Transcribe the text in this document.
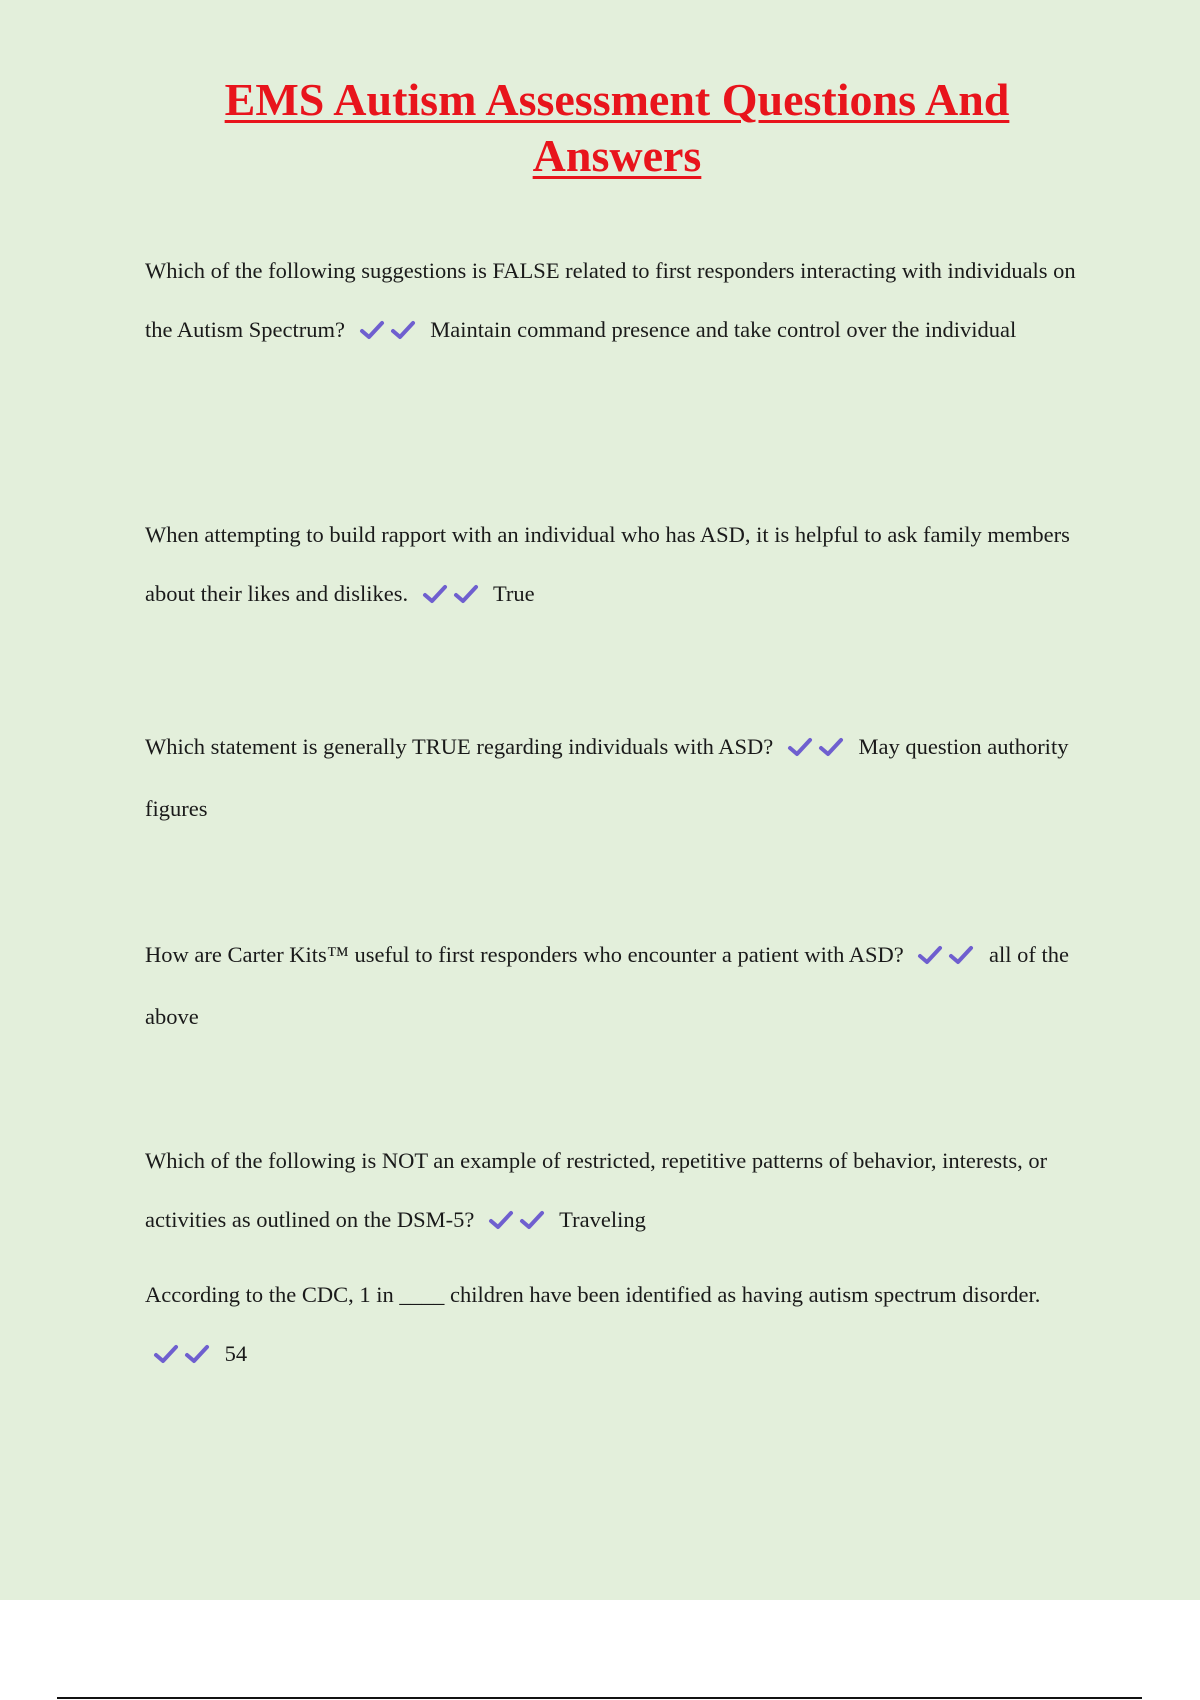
EMS Autism Assessment Questions And Answers

Which of the following suggestions is FALSE related to first responders interacting with individuals on the Autism Spectrum?	Maintain command presence and take control over the individual

When attempting to build rapport with an individual who has ASD, it is helpful to ask family members about their likes and dislikes.	True

Which statement is generally TRUE regarding individuals with ASD?	May question authority figures

How are Carter Kits™ useful to first responders who encounter a patient with ASD?	all of the above

Which of the following is NOT an example of restricted, repetitive patterns of behavior, interests, or activities as outlined on the DSM-5?	Traveling

According to the CDC, 1 in ____ children have been identified as having autism spectrum disorder.  54
